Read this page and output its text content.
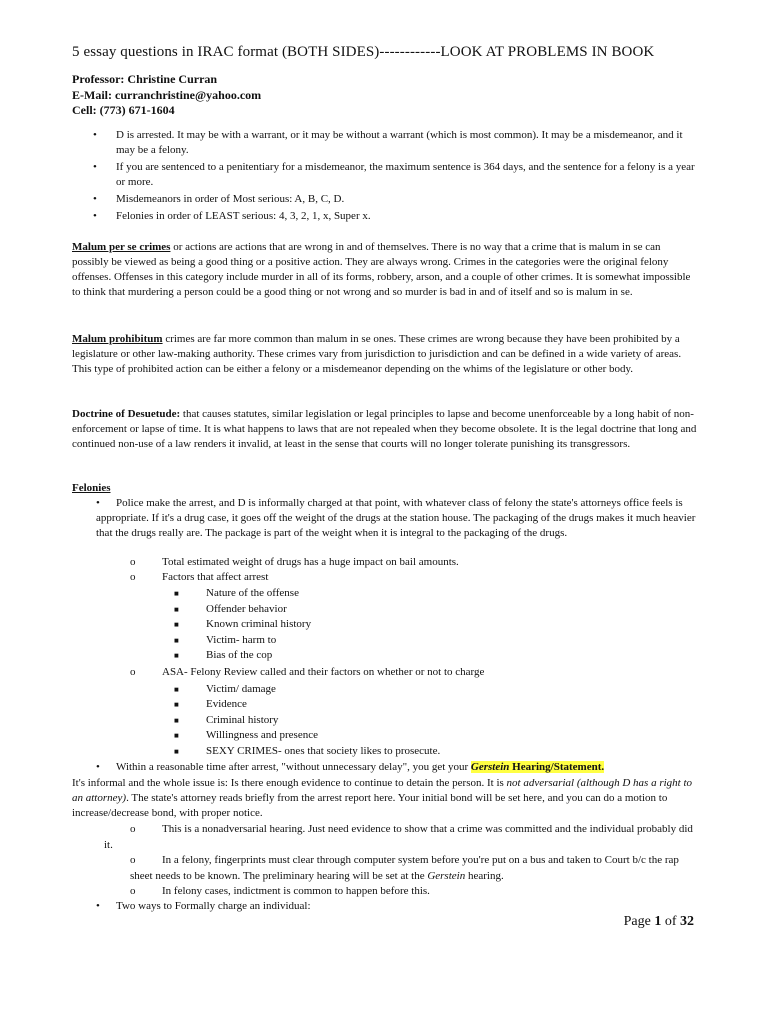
5 essay questions in IRAC format (BOTH SIDES)------------LOOK AT PROBLEMS IN BOOK
Professor: Christine Curran
E-Mail: curranchristine@yahoo.com
Cell: (773) 671-1604
• D is arrested. It may be with a warrant, or it may be without a warrant (which is most common). It may be a misdemeanor, and it may be a felony.
• If you are sentenced to a penitentiary for a misdemeanor, the maximum sentence is 364 days, and the sentence for a felony is a year or more.
• Misdemeanors in order of Most serious: A, B, C, D.
• Felonies in order of LEAST serious: 4, 3, 2, 1, x, Super x.
Malum per se crimes or actions are actions that are wrong in and of themselves. There is no way that a crime that is malum in se can possibly be viewed as being a good thing or a positive action. They are always wrong. Crimes in the categories were the original felony offenses. Offenses in this category include murder in all of its forms, robbery, arson, and a couple of other crimes. It is somewhat impossible to think that murdering a person could be a good thing or not wrong and so murder is bad in and of itself and so is malum in se.
Malum prohibitum crimes are far more common than malum in se ones. These crimes are wrong because they have been prohibited by a legislature or other law-making authority. These crimes vary from jurisdiction to jurisdiction and can be defined in a wide variety of areas. This type of prohibited action can be either a felony or a misdemeanor depending on the whims of the legislature or other body.
Doctrine of Desuetude: that causes statutes, similar legislation or legal principles to lapse and become unenforceable by a long habit of non-enforcement or lapse of time. It is what happens to laws that are not repealed when they become obsolete. It is the legal doctrine that long and continued non-use of a law renders it invalid, at least in the sense that courts will no longer tolerate punishing its transgressors.
Felonies
• Police make the arrest, and D is informally charged at that point, with whatever class of felony the state's attorneys office feels is appropriate. If it's a drug case, it goes off the weight of the drugs at the station house. The packaging of the drugs makes it much heavier that the drugs really are. The package is part of the weight when it is integral to the packaging of the drugs.
o	Total estimated weight of drugs has a huge impact on bail amounts.
o	Factors that affect arrest
■ Nature of the offense
■ Offender behavior
■ Known criminal history
■ Victim- harm to
■ Bias of the cop
o	ASA- Felony Review called and their factors on whether or not to charge
■ Victim/ damage
■ Evidence
■ Criminal history
■ Willingness and presence
■ SEXY CRIMES- ones that society likes to prosecute.
• Within a reasonable time after arrest, "without unnecessary delay", you get your Gerstein Hearing/Statement.
It's informal and the whole issue is: Is there enough evidence to continue to detain the person. It is not adversarial (although D has a right to an attorney). The state's attorney reads briefly from the arrest report here. Your initial bond will be set here, and you can do a motion to increase/decrease bond, with proper notice.
o	This is a nonadversarial hearing. Just need evidence to show that a crime was committed and the individual probably did it.
o	In a felony, fingerprints must clear through computer system before you're put on a bus and taken to Court b/c the rap sheet needs to be known. The preliminary hearing will be set at the Gerstein hearing.
o	In felony cases, indictment is common to happen before this.
• Two ways to Formally charge an individual:
Page 1 of 32
